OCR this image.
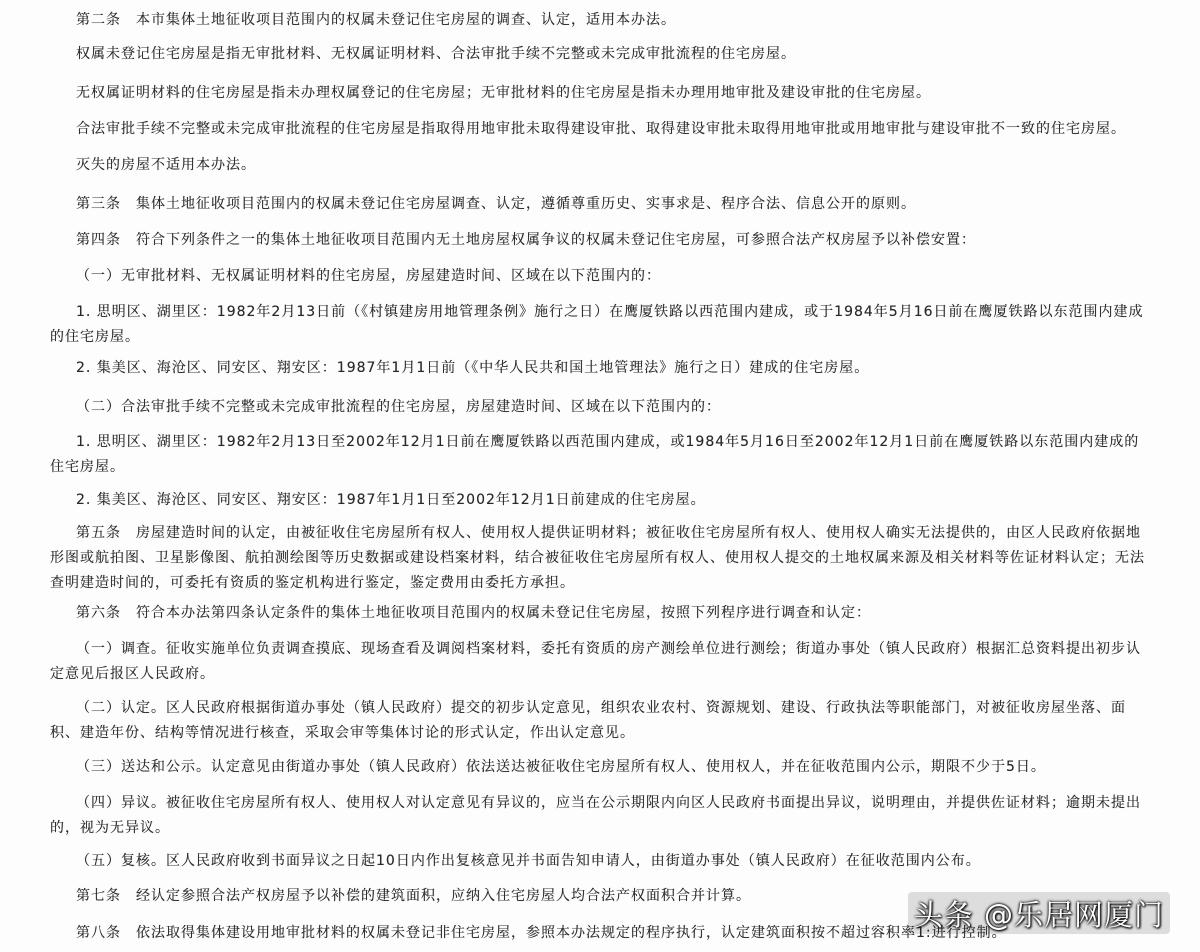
第二条　本市集体土地征收项目范围内的权属未登记住宅房屋的调查、认定，适用本办法。

权属未登记住宅房屋是指无审批材料、无权属证明材料、合法审批手续不完整或未完成审批流程的住宅房屋。

无权属证明材料的住宅房屋是指未办理权属登记的住宅房屋；无审批材料的住宅房屋是指未办理用地审批及建设审批的住宅房屋。

合法审批手续不完整或未完成审批流程的住宅房屋是指取得用地审批未取得建设审批、取得建设审批未取得用地审批或用地审批与建设审批不一致的住宅房屋。

灭失的房屋不适用本办法。

第三条　集体土地征收项目范围内的权属未登记住宅房屋调查、认定，遵循尊重历史、实事求是、程序合法、信息公开的原则。

第四条　符合下列条件之一的集体土地征收项目范围内无土地房屋权属争议的权属未登记住宅房屋，可参照合法产权房屋予以补偿安置：

（一）无审批材料、无权属证明材料的住宅房屋，房屋建造时间、区域在以下范围内的：

1. 思明区、湖里区：1982年2月13日前（《村镇建房用地管理条例》施行之日）在鹰厦铁路以西范围内建成，或于1984年5月16日前在鹰厦铁路以东范围内建成的住宅房屋。

2. 集美区、海沧区、同安区、翔安区：1987年1月1日前（《中华人民共和国土地管理法》施行之日）建成的住宅房屋。

（二）合法审批手续不完整或未完成审批流程的住宅房屋，房屋建造时间、区域在以下范围内的：

1. 思明区、湖里区：1982年2月13日至2002年12月1日前在鹰厦铁路以西范围内建成，或1984年5月16日至2002年12月1日前在鹰厦铁路以东范围内建成的住宅房屋。

2. 集美区、海沧区、同安区、翔安区：1987年1月1日至2002年12月1日前建成的住宅房屋。

第五条　房屋建造时间的认定，由被征收住宅房屋所有权人、使用权人提供证明材料；被征收住宅房屋所有权人、使用权人确实无法提供的，由区人民政府依据地形图或航拍图、卫星影像图、航拍测绘图等历史数据或建设档案材料，结合被征收住宅房屋所有权人、使用权人提交的土地权属来源及相关材料等佐证材料认定；无法查明建造时间的，可委托有资质的鉴定机构进行鉴定，鉴定费用由委托方承担。

第六条　符合本办法第四条认定条件的集体土地征收项目范围内的权属未登记住宅房屋，按照下列程序进行调查和认定：

（一）调查。征收实施单位负责调查摸底、现场查看及调阅档案材料，委托有资质的房产测绘单位进行测绘；街道办事处（镇人民政府）根据汇总资料提出初步认定意见后报区人民政府。

（二）认定。区人民政府根据街道办事处（镇人民政府）提交的初步认定意见，组织农业农村、资源规划、建设、行政执法等职能部门，对被征收房屋坐落、面积、建造年份、结构等情况进行核查，采取会审等集体讨论的形式认定，作出认定意见。

（三）送达和公示。认定意见由街道办事处（镇人民政府）依法送达被征收住宅房屋所有权人、使用权人，并在征收范围内公示，期限不少于5日。

（四）异议。被征收住宅房屋所有权人、使用权人对认定意见有异议的，应当在公示期限内向区人民政府书面提出异议，说明理由，并提供佐证材料；逾期未提出的，视为无异议。

（五）复核。区人民政府收到书面异议之日起10日内作出复核意见并书面告知申请人，由街道办事处（镇人民政府）在征收范围内公布。

第七条　经认定参照合法产权房屋予以补偿的建筑面积，应纳入住宅房屋人均合法产权面积合并计算。

第八条　依法取得集体建设用地审批材料的权属未登记非住宅房屋，参照本办法规定的程序执行，认定建筑面积按不超过容积率1:进行控制。

头条 @乐居网厦门
